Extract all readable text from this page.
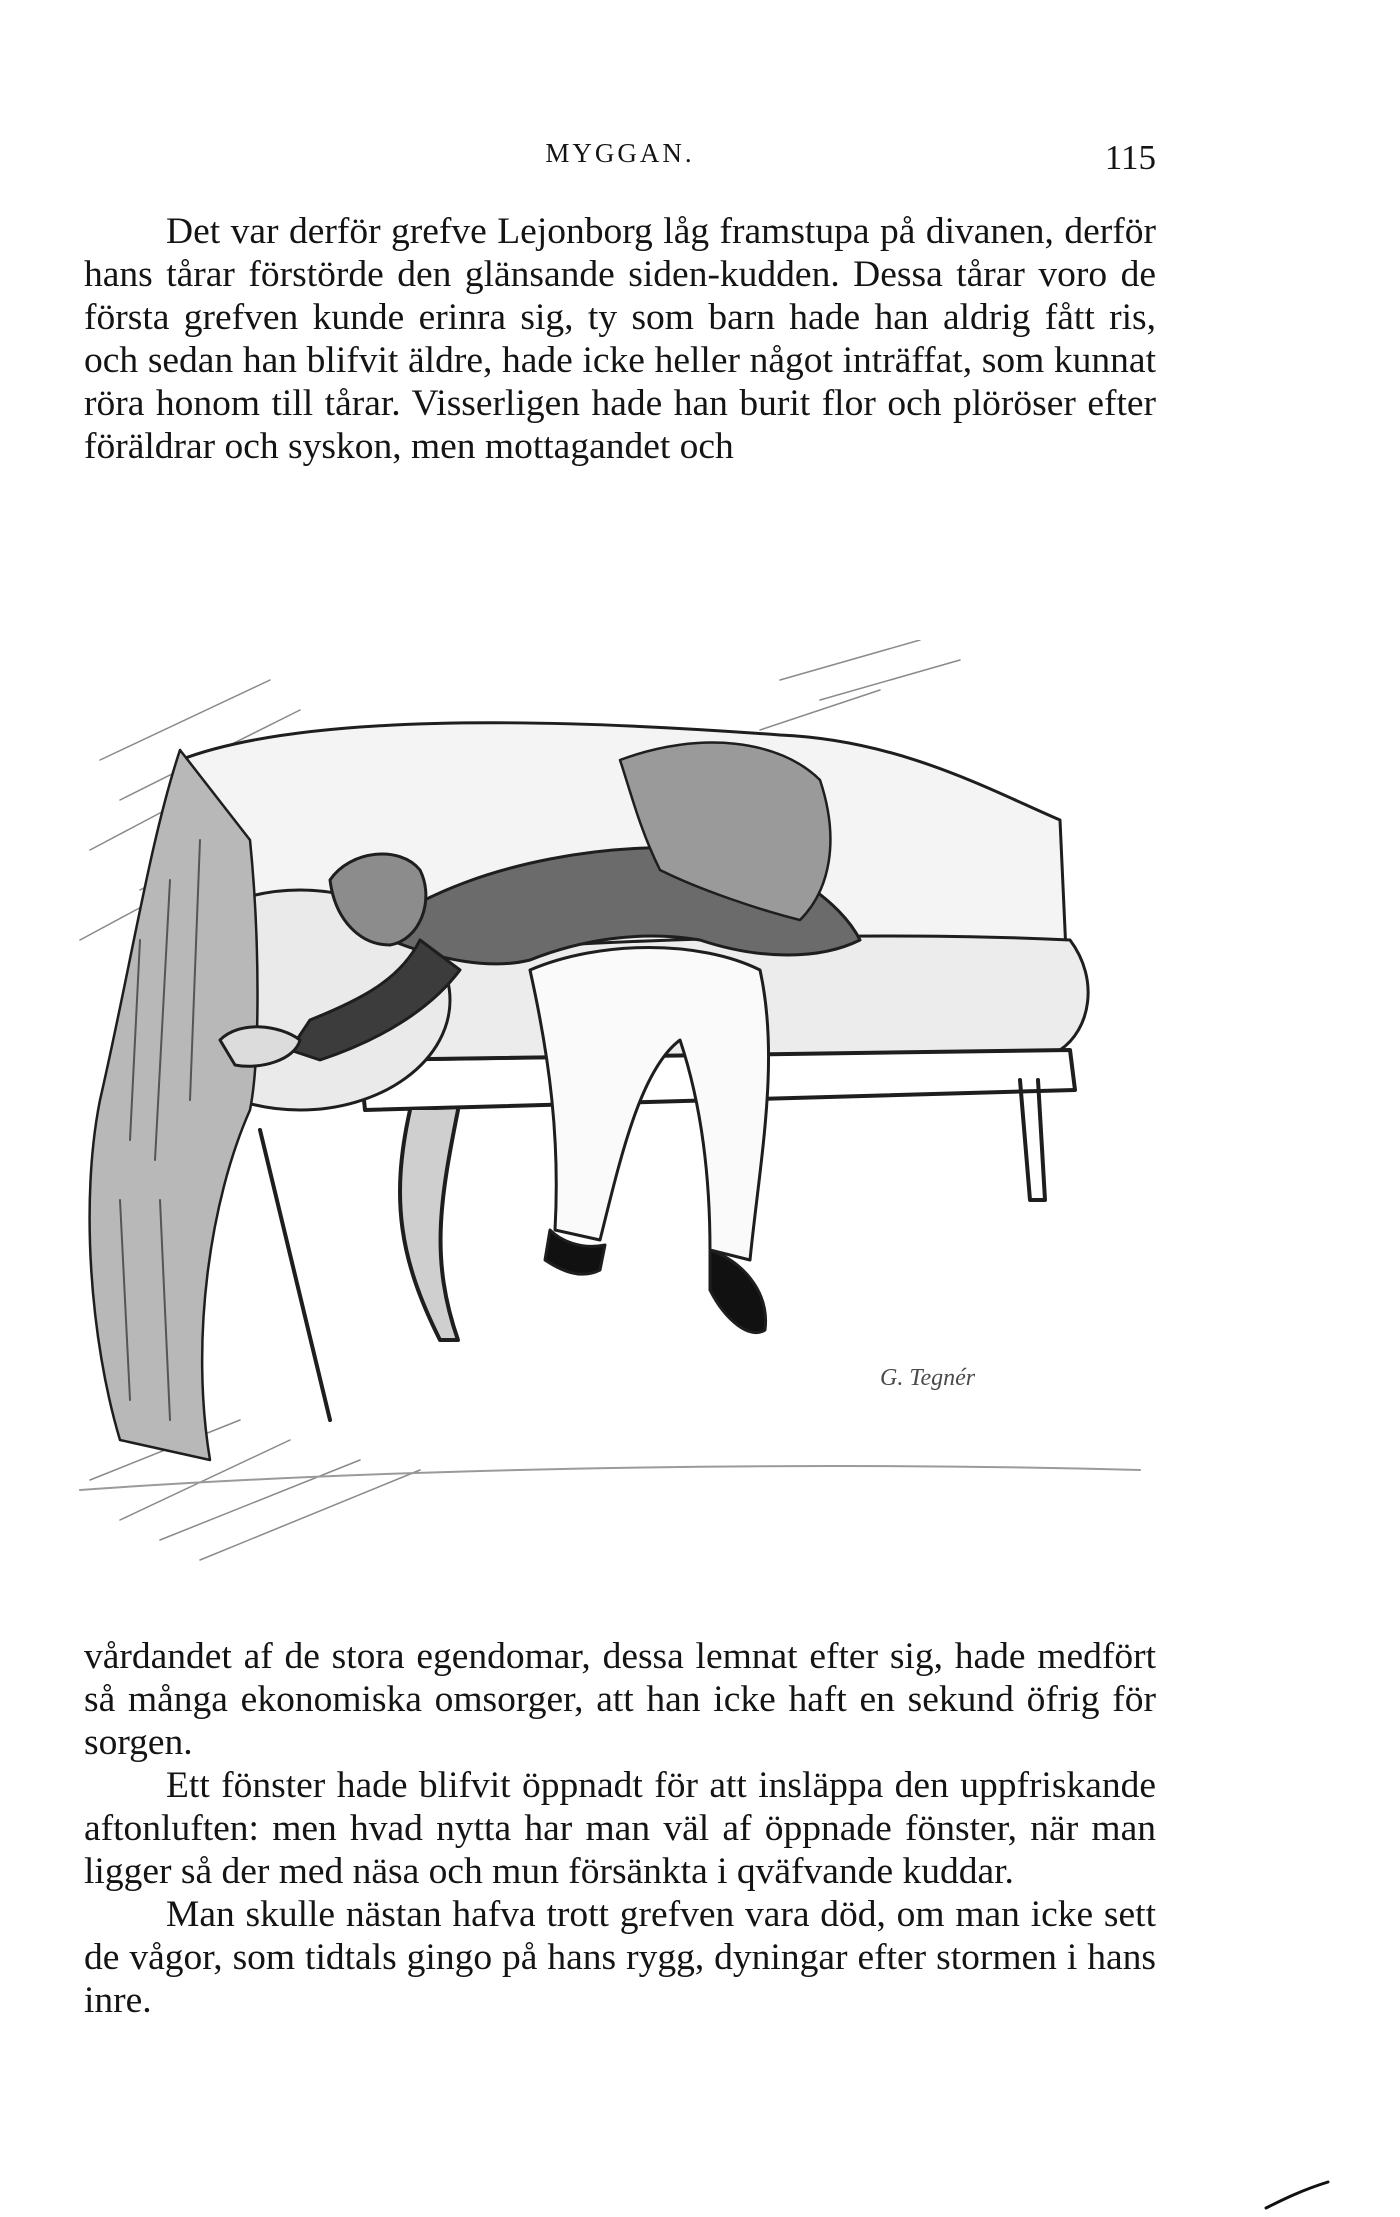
MYGGAN.	115

Det var derför grefve Lejonborg låg framstupa på divanen, derför hans tårar förstörde den glänsande siden-kudden. Dessa tårar voro de första grefven kunde erinra sig, ty som barn hade han aldrig fått ris, och sedan han blifvit äldre, hade icke heller något inträffat, som kunnat röra honom till tårar. Visserligen hade han burit flor och plöröser efter föräldrar och syskon, men mottagandet och

G. Tegnér

vårdandet af de stora egendomar, dessa lemnat efter sig, hade medfört så många ekonomiska omsorger, att han icke haft en sekund öfrig för sorgen.

Ett fönster hade blifvit öppnadt för att insläppa den uppfriskande aftonluften: men hvad nytta har man väl af öppnade fönster, när man ligger så der med näsa och mun försänkta i qväfvande kuddar.

Man skulle nästan hafva trott grefven vara död, om man icke sett de vågor, som tidtals gingo på hans rygg, dyningar efter stormen i hans inre.
